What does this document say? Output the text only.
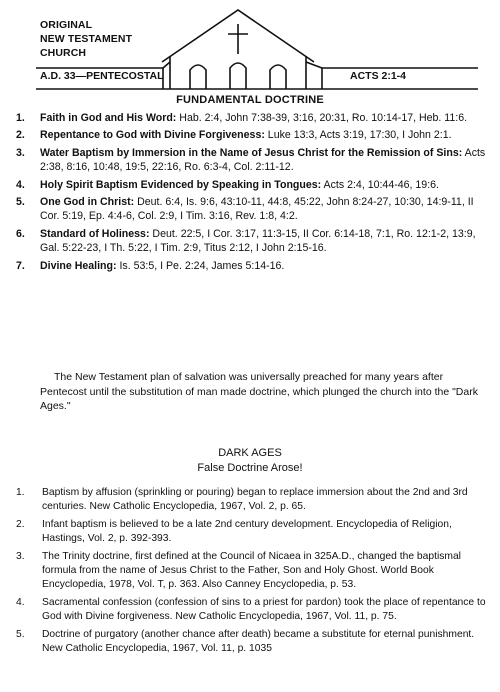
ORIGINAL
NEW TESTAMENT
CHURCH
A.D. 33—PENTECOSTAL	ACTS 2:1-4
FUNDAMENTAL DOCTRINE
1. Faith in God and His Word: Hab. 2:4, John 7:38-39, 3:16, 20:31, Ro. 10:14-17, Heb. 11:6.
2. Repentance to God with Divine Forgiveness: Luke 13:3, Acts 3:19, 17:30, I John 2:1.
3. Water Baptism by Immersion in the Name of Jesus Christ for the Remission of Sins: Acts 2:38, 8:16, 10:48, 19:5, 22:16, Ro. 6:3-4, Col. 2:11-12.
4. Holy Spirit Baptism Evidenced by Speaking in Tongues: Acts 2:4, 10:44-46, 19:6.
5. One God in Christ: Deut. 6:4, Is. 9:6, 43:10-11, 44:8, 45:22, John 8:24-27, 10:30, 14:9-11, II Cor. 5:19, Ep. 4:4-6, Col. 2:9, I Tim. 3:16, Rev. 1:8, 4:2.
6. Standard of Holiness: Deut. 22:5, I Cor. 3:17, 11:3-15, II Cor. 6:14-18, 7:1, Ro. 12:1-2, 13:9, Gal. 5:22-23, I Th. 5:22, I Tim. 2:9, Titus 2:12, I John 2:15-16.
7. Divine Healing: Is. 53:5, I Pe. 2:24, James 5:14-16.
The New Testament plan of salvation was universally preached for many years after Pentecost until the substitution of man made doctrine, which plunged the church into the "Dark Ages."
DARK AGES
False Doctrine Arose!
1. Baptism by affusion (sprinkling or pouring) began to replace immersion about the 2nd and 3rd centuries. New Catholic Encyclopedia, 1967, Vol. 2, p. 65.
2. Infant baptism is believed to be a late 2nd century development. Encyclopedia of Religion, Hastings, Vol. 2, p. 392-393.
3. The Trinity doctrine, first defined at the Council of Nicaea in 325A.D., changed the baptismal formula from the name of Jesus Christ to the Father, Son and Holy Ghost. World Book Encyclopedia, 1978, Vol. T, p. 363. Also Canney Encyclopedia, p. 53.
4. Sacramental confession (confession of sins to a priest for pardon) took the place of repentance to God with Divine forgiveness. New Catholic Encyclopedia, 1967, Vol. 11, p. 75.
5. Doctrine of purgatory (another chance after death) became a substitute for eternal punishment. New Catholic Encyclopedia, 1967, Vol. 11, p. 1035
